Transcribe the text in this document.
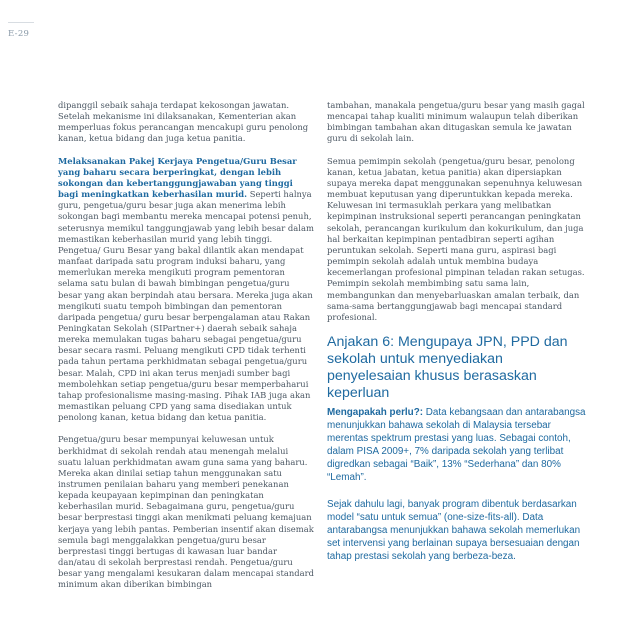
E-29

dipanggil sebaik sahaja terdapat kekosongan jawatan. Setelah mekanisme ini dilaksanakan, Kementerian akan memperluas fokus perancangan mencakupi guru penolong kanan, ketua bidang dan juga ketua panitia.

Melaksanakan Pakej Kerjaya Pengetua/Guru Besar yang baharu secara berperingkat, dengan lebih sokongan dan kebertanggungjawaban yang tinggi bagi meningkatkan keberhasilan murid. Seperti halnya guru, pengetua/guru besar juga akan menerima lebih sokongan bagi membantu mereka mencapai potensi penuh, seterusnya memikul tanggungjawab yang lebih besar dalam memastikan keberhasilan murid yang lebih tinggi. Pengetua/ Guru Besar yang bakal dilantik akan mendapat manfaat daripada satu program induksi baharu, yang memerlukan mereka mengikuti program pementoran selama satu bulan di bawah bimbingan pengetua/guru besar yang akan berpindah atau bersara. Mereka juga akan mengikuti suatu tempoh bimbingan dan pementoran daripada pengetua/ guru besar berpengalaman atau Rakan Peningkatan Sekolah (SIPartner+) daerah sebaik sahaja mereka memulakan tugas baharu sebagai pengetua/guru besar secara rasmi. Peluang mengikuti CPD tidak terhenti pada tahun pertama perkhidmatan sebagai pengetua/guru besar. Malah, CPD ini akan terus menjadi sumber bagi membolehkan setiap pengetua/guru besar memperbaharui tahap profesionalisme masing-masing. Pihak IAB juga akan memastikan peluang CPD yang sama disediakan untuk penolong kanan, ketua bidang dan ketua panitia.

Pengetua/guru besar mempunyai keluwesan untuk berkhidmat di sekolah rendah atau menengah melalui suatu laluan perkhidmatan awam guna sama yang baharu. Mereka akan dinilai setiap tahun menggunakan satu instrumen penilaian baharu yang memberi penekanan kepada keupayaan kepimpinan dan peningkatan keberhasilan murid. Sebagaimana guru, pengetua/guru besar berprestasi tinggi akan menikmati peluang kemajuan kerjaya yang lebih pantas. Pemberian insentif akan disemak semula bagi menggalakkan pengetua/guru besar berprestasi tinggi bertugas di kawasan luar bandar dan/atau di sekolah berprestasi rendah. Pengetua/guru besar yang mengalami kesukaran dalam mencapai standard minimum akan diberikan bimbingan

tambahan, manakala pengetua/guru besar yang masih gagal mencapai tahap kualiti minimum walaupun telah diberikan bimbingan tambahan akan ditugaskan semula ke jawatan guru di sekolah lain.

Semua pemimpin sekolah (pengetua/guru besar, penolong kanan, ketua jabatan, ketua panitia) akan dipersiapkan supaya mereka dapat menggunakan sepenuhnya keluwesan membuat keputusan yang diperuntukkan kepada mereka. Keluwesan ini termasuklah perkara yang melibatkan kepimpinan instruksional seperti perancangan peningkatan sekolah, perancangan kurikulum dan kokurikulum, dan juga hal berkaitan kepimpinan pentadbiran seperti agihan peruntukan sekolah. Seperti mana guru, aspirasi bagi pemimpin sekolah adalah untuk membina budaya kecemerlangan profesional pimpinan teladan rakan setugas. Pemimpin sekolah membimbing satu sama lain, membangunkan dan menyebarluaskan amalan terbaik, dan sama-sama bertanggungjawab bagi mencapai standard profesional.

Anjakan 6: Mengupaya JPN, PPD dan sekolah untuk menyediakan penyelesaian khusus berasaskan keperluan

Mengapakah perlu?: Data kebangsaan dan antarabangsa menunjukkan bahawa sekolah di Malaysia tersebar merentas spektrum prestasi yang luas. Sebagai contoh, dalam PISA 2009+, 7% daripada sekolah yang terlibat digredkan sebagai “Baik”, 13% “Sederhana” dan 80% “Lemah”.

Sejak dahulu lagi, banyak program dibentuk berdasarkan model “satu untuk semua” (one-size-fits-all). Data antarabangsa menunjukkan bahawa sekolah memerlukan set intervensi yang berlainan supaya bersesuaian dengan tahap prestasi sekolah yang berbeza-beza.
